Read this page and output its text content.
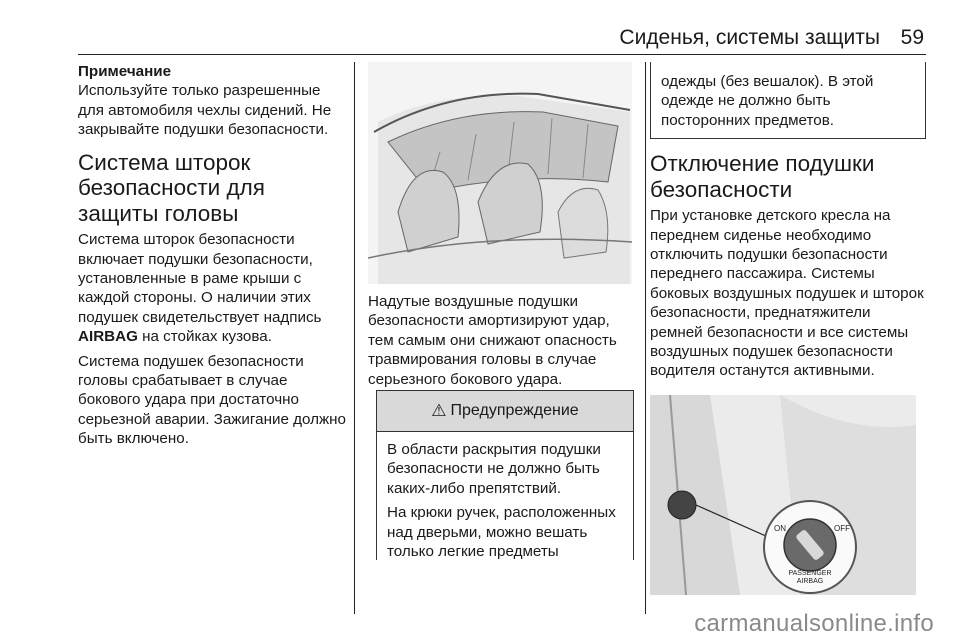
Сиденья, системы защиты 59
Примечание

Используйте только разрешенные для автомобиля чехлы сидений. Не закрывайте подушки безопасности.

Система шторок безопасности для защиты головы

Система шторок безопасности включает подушки безопасности, установленные в раме крыши с каждой стороны. О наличии этих подушек свидетельствует надпись AIRBAG на стойках кузова.

Система подушек безопасности головы срабатывает в случае бокового удара при достаточно серьезной аварии. Зажигание должно быть включено.

Надутые воздушные подушки безопасности амортизируют удар, тем самым они снижают опасность травмирования головы в случае серьезного бокового удара.

⚠ Предупреждение

В области раскрытия подушки безопасности не должно быть каких-либо препятствий.

На крюки ручек, расположенных над дверьми, можно вешать только легкие предметы

одежды (без вешалок). В этой одежде не должно быть посторонних предметов.

Отключение подушки безопасности

При установке детского кресла на переднем сиденье необходимо отключить подушки безопасности переднего пассажира. Системы боковых воздушных подушек и шторок безопасности, преднатяжители ремней безопасности и все системы воздушных подушек безопасности водителя останутся активными.

ON	OFF
PASSENGER
AIRBAG
carmanualsonline.info
